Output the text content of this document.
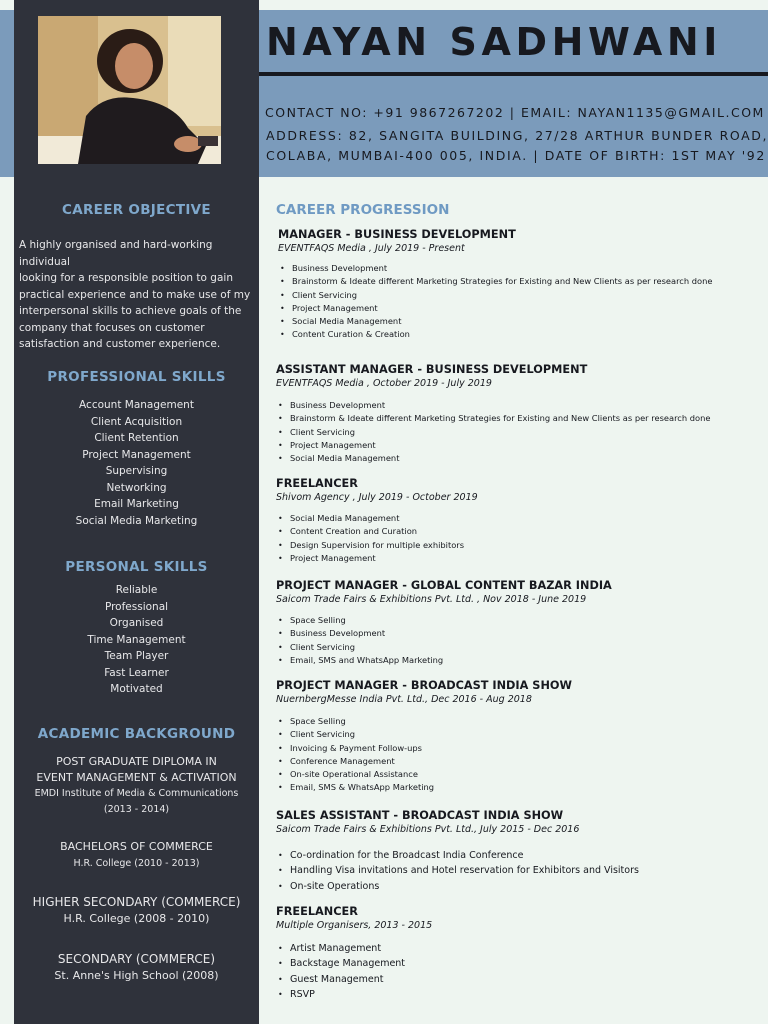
NAYAN SADHWANI
CONTACT NO: +91 9867267202 | EMAIL: NAYAN1135@GMAIL.COM
ADDRESS: 82, SANGITA BUILDING, 27/28 ARTHUR BUNDER ROAD,
COLABA, MUMBAI-400 005, INDIA. | DATE OF BIRTH: 1ST MAY '92
CAREER OBJECTIVE
A highly organised and hard-working individual
looking for a responsible position to gain
practical experience and to make use of my
interpersonal skills to achieve goals of the
company that focuses on customer
satisfaction and customer experience.
PROFESSIONAL SKILLS
Account Management
Client Acquisition
Client Retention
Project Management
Supervising
Networking
Email Marketing
Social Media Marketing
PERSONAL SKILLS
Reliable
Professional
Organised
Time Management
Team Player
Fast Learner
Motivated
ACADEMIC BACKGROUND
POST GRADUATE DIPLOMA IN
EVENT MANAGEMENT & ACTIVATION
EMDI Institute of Media & Communications
(2013 - 2014)
BACHELORS OF COMMERCE
H.R. College (2010 - 2013)
HIGHER SECONDARY (COMMERCE)
H.R. College (2008 - 2010)
SECONDARY (COMMERCE)
St. Anne's High School (2008)
CAREER PROGRESSION
MANAGER - BUSINESS DEVELOPMENT
EVENTFAQS Media , July 2019 - Present
• Business Development
• Brainstorm & Ideate different Marketing Strategies for Existing and New Clients as per research done
• Client Servicing
• Project Management
• Social Media Management
• Content Curation & Creation
ASSISTANT MANAGER - BUSINESS DEVELOPMENT
EVENTFAQS Media , October 2019 - July 2019
• Business Development
• Brainstorm & Ideate different Marketing Strategies for Existing and New Clients as per research done
• Client Servicing
• Project Management
• Social Media Management
FREELANCER
Shivom Agency , July 2019 - October 2019
• Social Media Management
• Content Creation and Curation
• Design Supervision for multiple exhibitors
• Project Management
PROJECT MANAGER - GLOBAL CONTENT BAZAR INDIA
Saicom Trade Fairs & Exhibitions Pvt. Ltd. , Nov 2018 - June 2019
• Space Selling
• Business Development
• Client Servicing
• Email, SMS and WhatsApp Marketing
PROJECT MANAGER - BROADCAST INDIA SHOW
NuernbergMesse India Pvt. Ltd., Dec 2016 - Aug 2018
• Space Selling
• Client Servicing
• Invoicing & Payment Follow-ups
• Conference Management
• On-site Operational Assistance
• Email, SMS & WhatsApp Marketing
SALES ASSISTANT - BROADCAST INDIA SHOW
Saicom Trade Fairs & Exhibitions Pvt. Ltd., July 2015 - Dec 2016
• Co-ordination for the Broadcast India Conference
• Handling Visa invitations and Hotel reservation for Exhibitors and Visitors
• On-site Operations
FREELANCER
Multiple Organisers, 2013 - 2015
• Artist Management
• Backstage Management
• Guest Management
• RSVP
